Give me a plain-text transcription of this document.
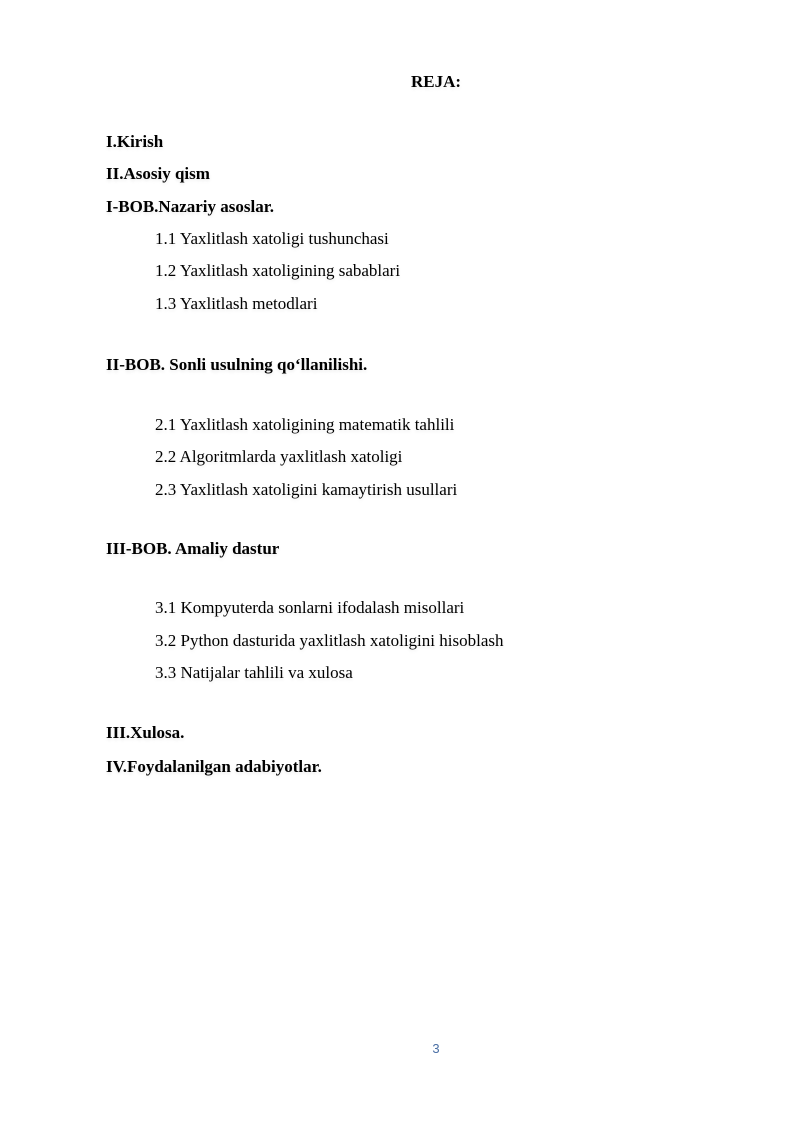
REJA:
I.Kirish
II.Asosiy qism
I-BOB.Nazariy asoslar.
1.1 Yaxlitlash xatoligi tushunchasi
1.2 Yaxlitlash xatoligining sabablari
1.3 Yaxlitlash metodlari
II-BOB. Sonli usulning qo‘llanilishi.
2.1 Yaxlitlash xatoligining matematik tahlili
2.2 Algoritmlarda yaxlitlash xatoligi
2.3 Yaxlitlash xatoligini kamaytirish usullari
III-BOB. Amaliy dastur
3.1 Kompyuterda sonlarni ifodalash misollari
3.2 Python dasturida yaxlitlash xatoligini hisoblash
3.3 Natijalar tahlili va xulosa
III.Xulosa.
IV.Foydalanilgan adabiyotlar.
3
